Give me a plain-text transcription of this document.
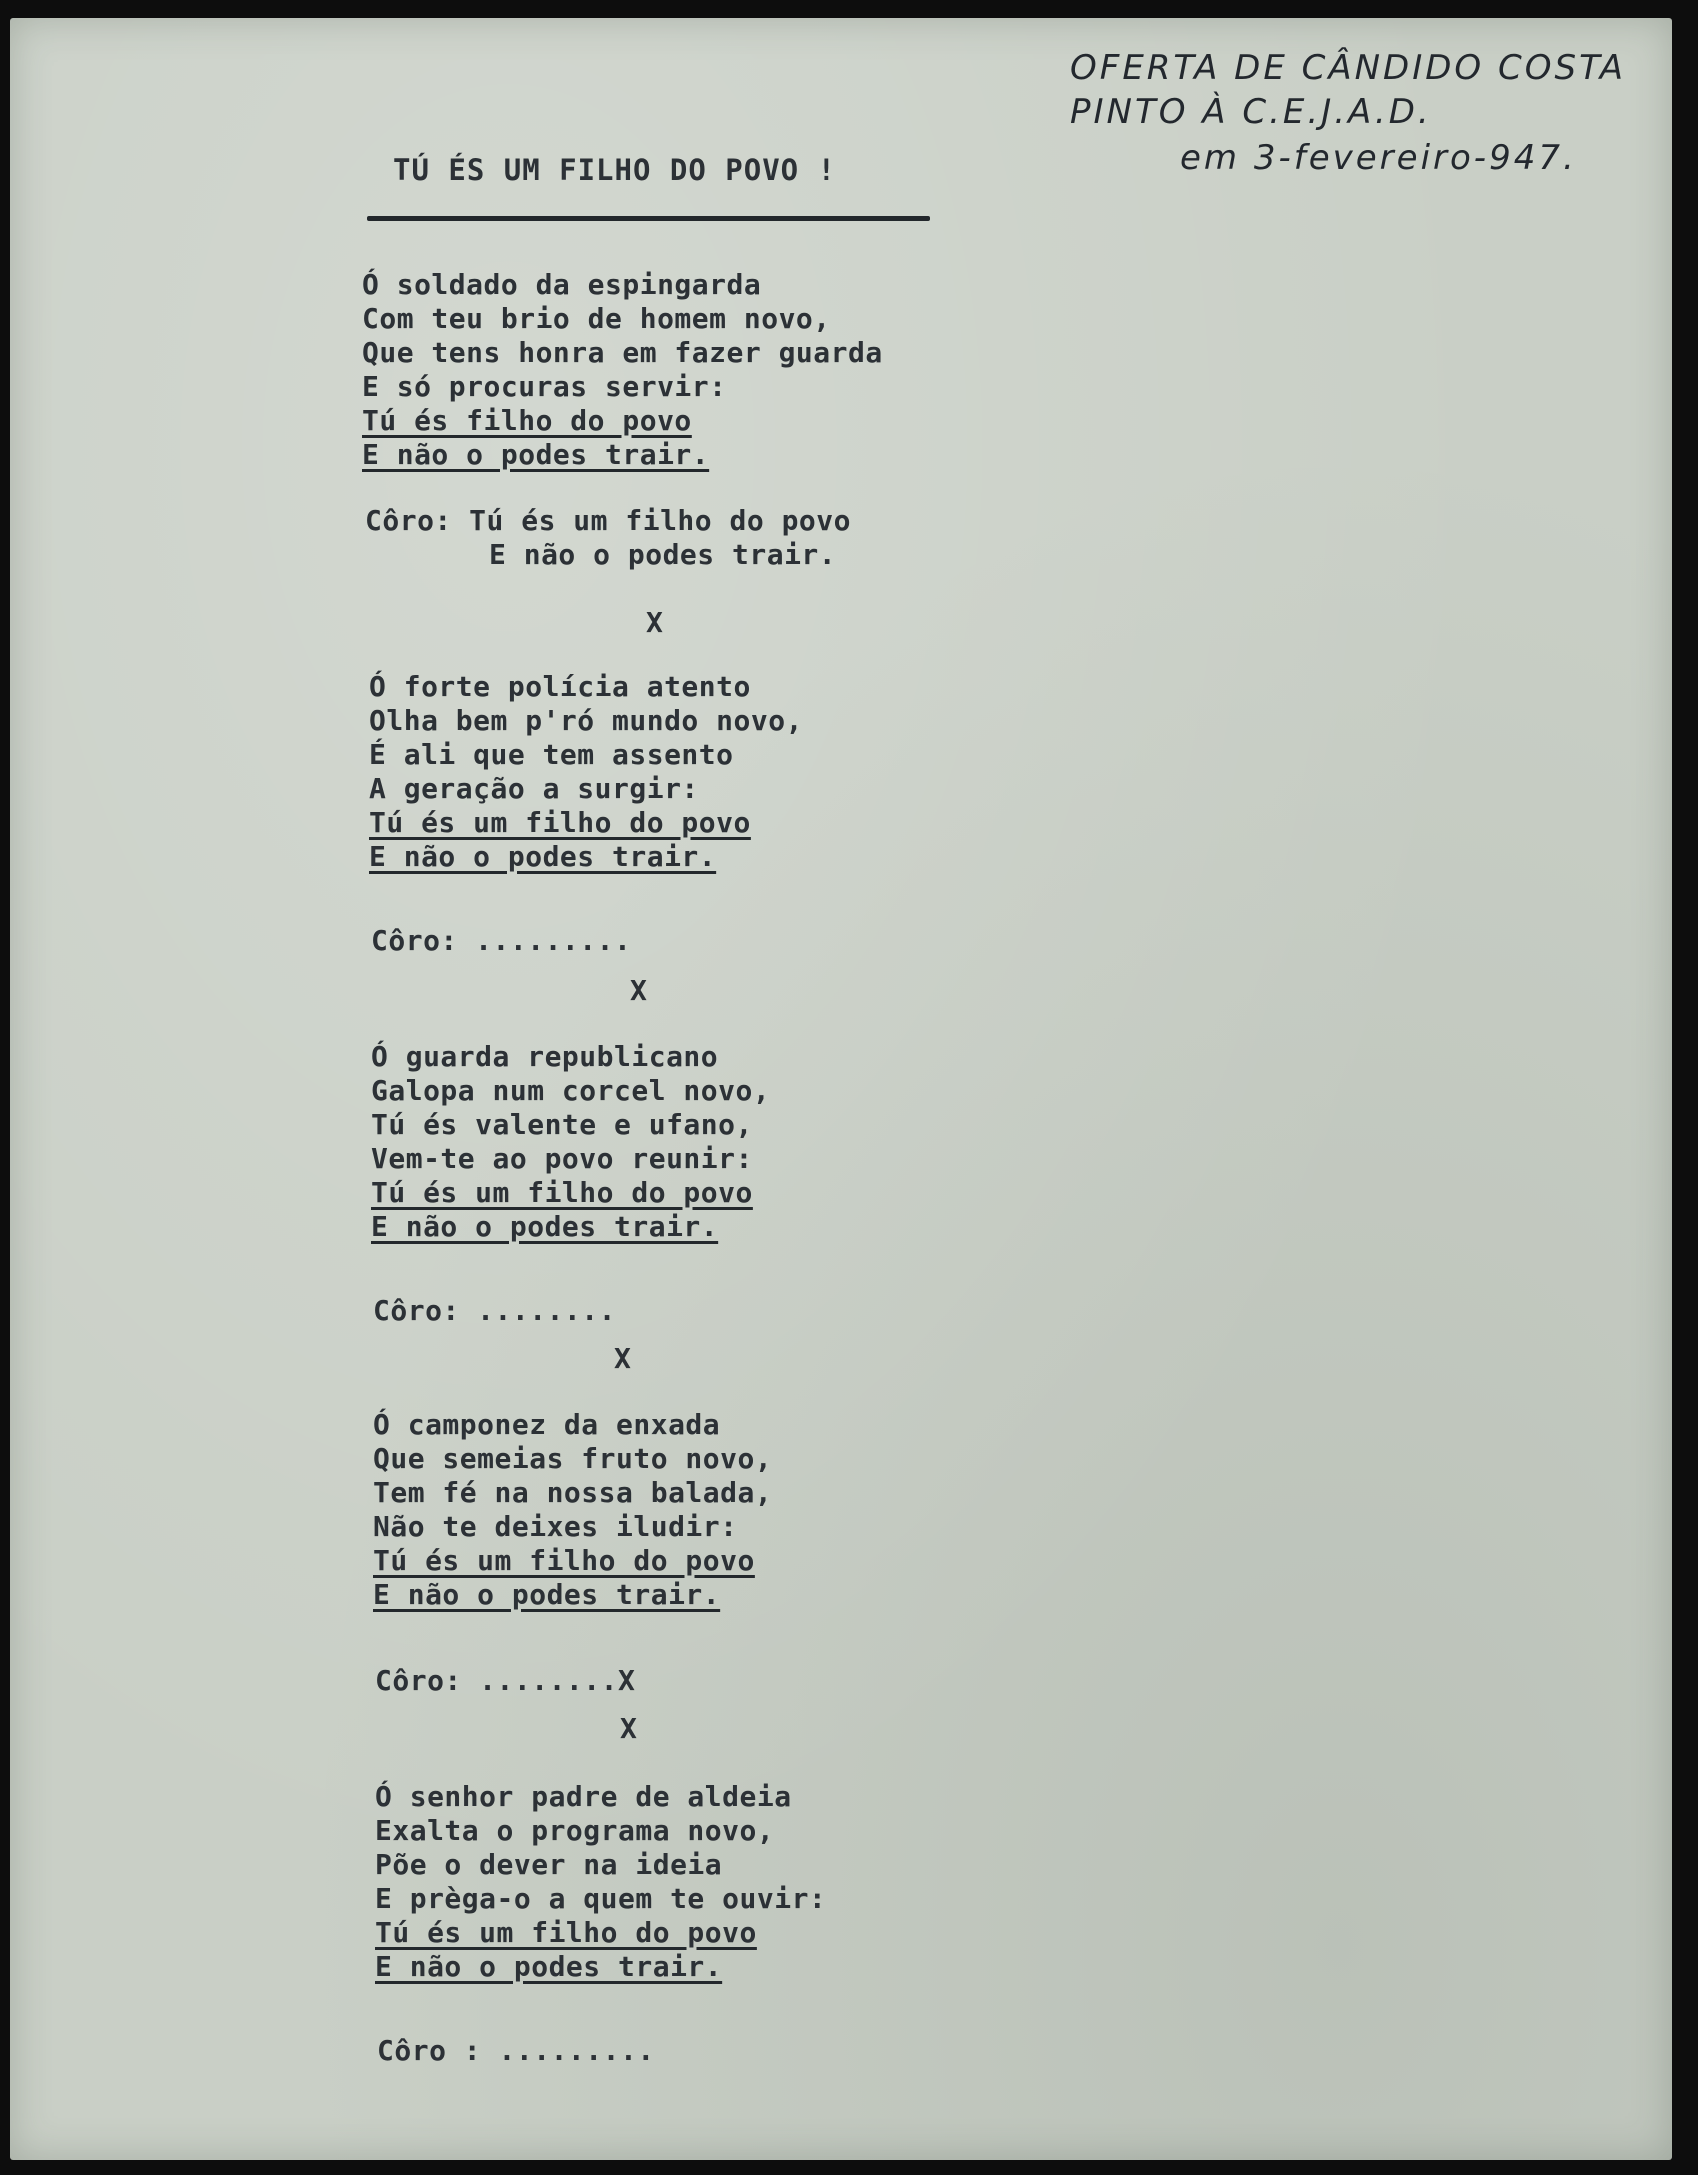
OFERTA DE CÂNDIDO COSTA
PINTO À C.E.J.A.D.
em 3-fevereiro-947.
TÚ ÉS UM FILHO DO POVO !
Ó soldado da espingarda
Com teu brio de homem novo,
Que tens honra em fazer guarda
E só procuras servir:
Tú és filho do povo
E não o podes trair.
Côro: Tú és um filho do povo
E não o podes trair.
X
Ó forte polícia atento
Olha bem p'ró mundo novo,
É ali que tem assento
A geração a surgir:
Tú és um filho do povo
E não o podes trair.
Côro: .........
X
Ó guarda republicano
Galopa num corcel novo,
Tú és valente e ufano,
Vem-te ao povo reunir:
Tú és um filho do povo
E não o podes trair.
Côro: ........
X
Ó camponez da enxada
Que semeias fruto novo,
Tem fé na nossa balada,
Não te deixes iludir:
Tú és um filho do povo
E não o podes trair.
Côro: ........X
X
Ó senhor padre de aldeia
Exalta o programa novo,
Põe o dever na ideia
E prèga-o a quem te ouvir:
Tú és um filho do povo
E não o podes trair.
Côro : .........
